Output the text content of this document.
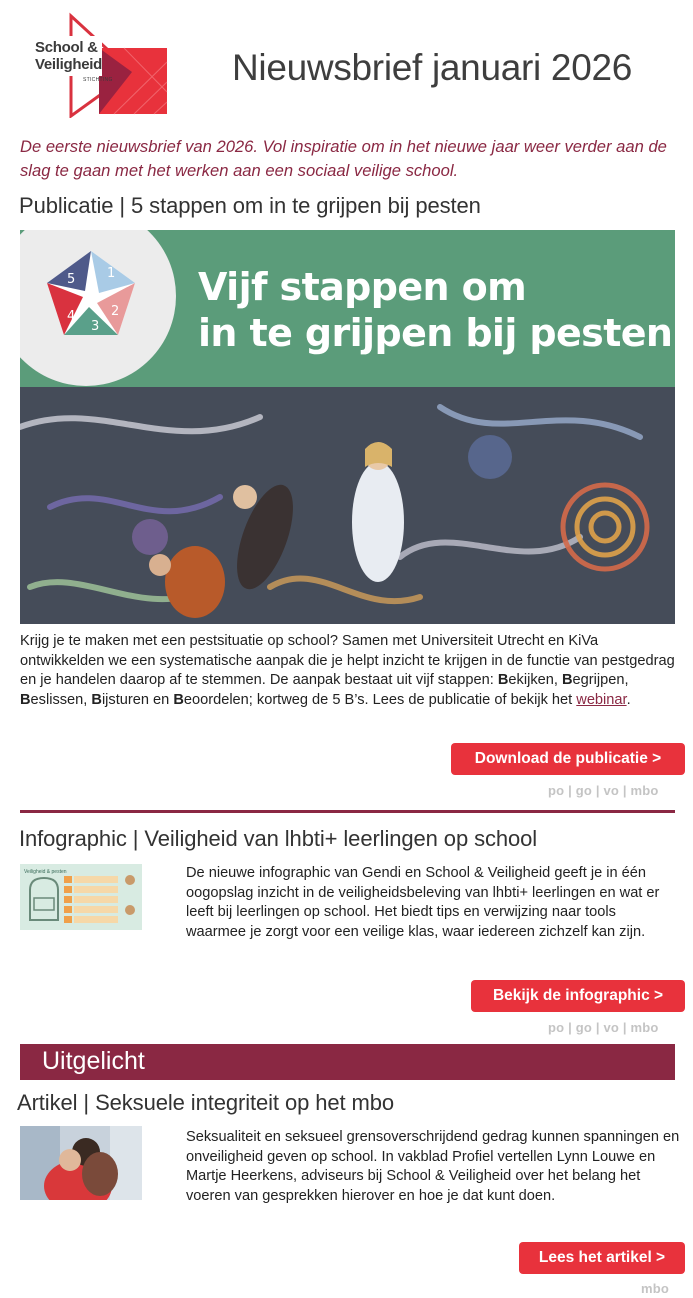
School &
Veiligheid
STICHTING	Nieuwsbrief januari 2026

De eerste nieuwsbrief van 2026. Vol inspiratie om in het nieuwe jaar weer verder aan de slag te gaan met het werken aan een sociaal veilige school.

Publicatie | 5 stappen om in te grijpen bij pesten
1
2
3
4
5	Vijf stappen om
in te grijpen bij pesten

Krijg je te maken met een pestsituatie op school? Samen met Universiteit Utrecht en KiVa ontwikkelden we een systematische aanpak die je helpt inzicht te krijgen in de functie van pestgedrag en je handelen daarop af te stemmen. De aanpak bestaat uit vijf stappen: Bekijken, Begrijpen, Beslissen, Bijsturen en Beoordelen; kortweg de 5 B’s. Lees de publicatie of bekijk het webinar.

Download de publicatie >
po | go | vo | mbo
Infographic | Veiligheid van lhbti+ leerlingen op school
Veiligheid & pesten	De nieuwe infographic van Gendi en School & Veiligheid geeft je in één oogopslag inzicht in de veiligheidsbeleving van lhbti+ leerlingen en wat er leeft bij leerlingen op school. Het biedt tips en verwijzing naar tools waarmee je zorgt voor een veilige klas, waar iedereen zichzelf kan zijn.

Bekijk de infographic >
po | go | vo | mbo
Uitgelicht
Artikel | Seksuele integriteit op het mbo

Seksualiteit en seksueel grensoverschrijdend gedrag kunnen spanningen en onveiligheid geven op school. In vakblad Profiel vertellen Lynn Louwe en Martje Heerkens, adviseurs bij School & Veiligheid over het belang het voeren van gesprekken hierover en hoe je dat kunt doen.

Lees het artikel >
mbo
